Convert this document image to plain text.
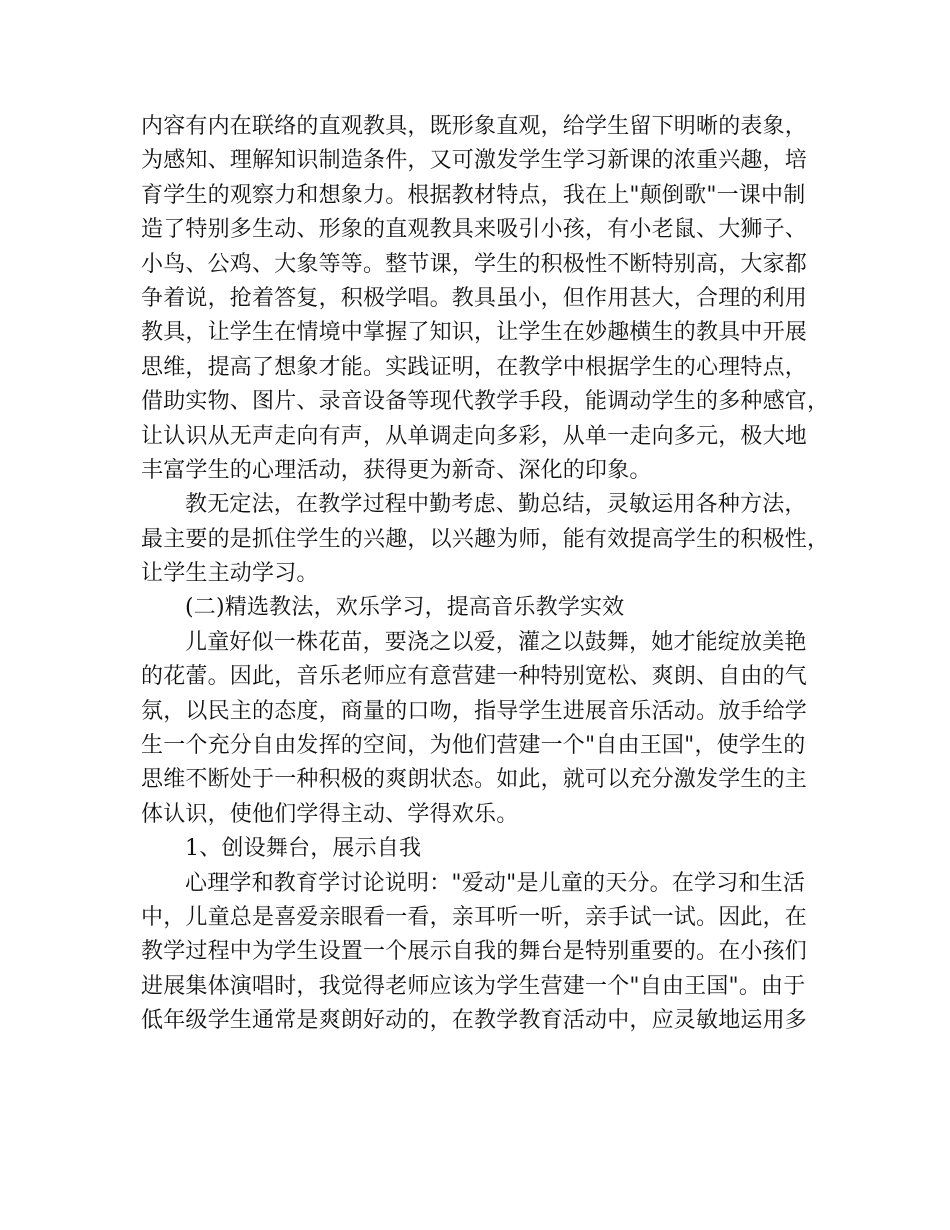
内容有内在联络的直观教具，既形象直观，给学生留下明晰的表象，
为感知、理解知识制造条件，又可激发学生学习新课的浓重兴趣，培
育学生的观察力和想象力。根据教材特点，我在上"颠倒歌"一课中制
造了特别多生动、形象的直观教具来吸引小孩，有小老鼠、大狮子、
小鸟、公鸡、大象等等。整节课，学生的积极性不断特别高，大家都
争着说，抢着答复，积极学唱。教具虽小，但作用甚大，合理的利用
教具，让学生在情境中掌握了知识，让学生在妙趣横生的教具中开展
思维，提高了想象才能。实践证明，在教学中根据学生的心理特点，
借助实物、图片、录音设备等现代教学手段，能调动学生的多种感官，
让认识从无声走向有声，从单调走向多彩，从单一走向多元，极大地
丰富学生的心理活动，获得更为新奇、深化的印象。
教无定法，在教学过程中勤考虑、勤总结，灵敏运用各种方法，
最主要的是抓住学生的兴趣，以兴趣为师，能有效提高学生的积极性，
让学生主动学习。
(二)精选教法，欢乐学习，提高音乐教学实效
儿童好似一株花苗，要浇之以爱，灌之以鼓舞，她才能绽放美艳
的花蕾。因此，音乐老师应有意营建一种特别宽松、爽朗、自由的气
氛，以民主的态度，商量的口吻，指导学生进展音乐活动。放手给学
生一个充分自由发挥的空间，为他们营建一个"自由王国"，使学生的
思维不断处于一种积极的爽朗状态。如此，就可以充分激发学生的主
体认识，使他们学得主动、学得欢乐。
1、创设舞台，展示自我
心理学和教育学讨论说明："爱动"是儿童的天分。在学习和生活
中，儿童总是喜爱亲眼看一看，亲耳听一听，亲手试一试。因此，在
教学过程中为学生设置一个展示自我的舞台是特别重要的。在小孩们
进展集体演唱时，我觉得老师应该为学生营建一个"自由王国"。由于
低年级学生通常是爽朗好动的，在教学教育活动中，应灵敏地运用多
